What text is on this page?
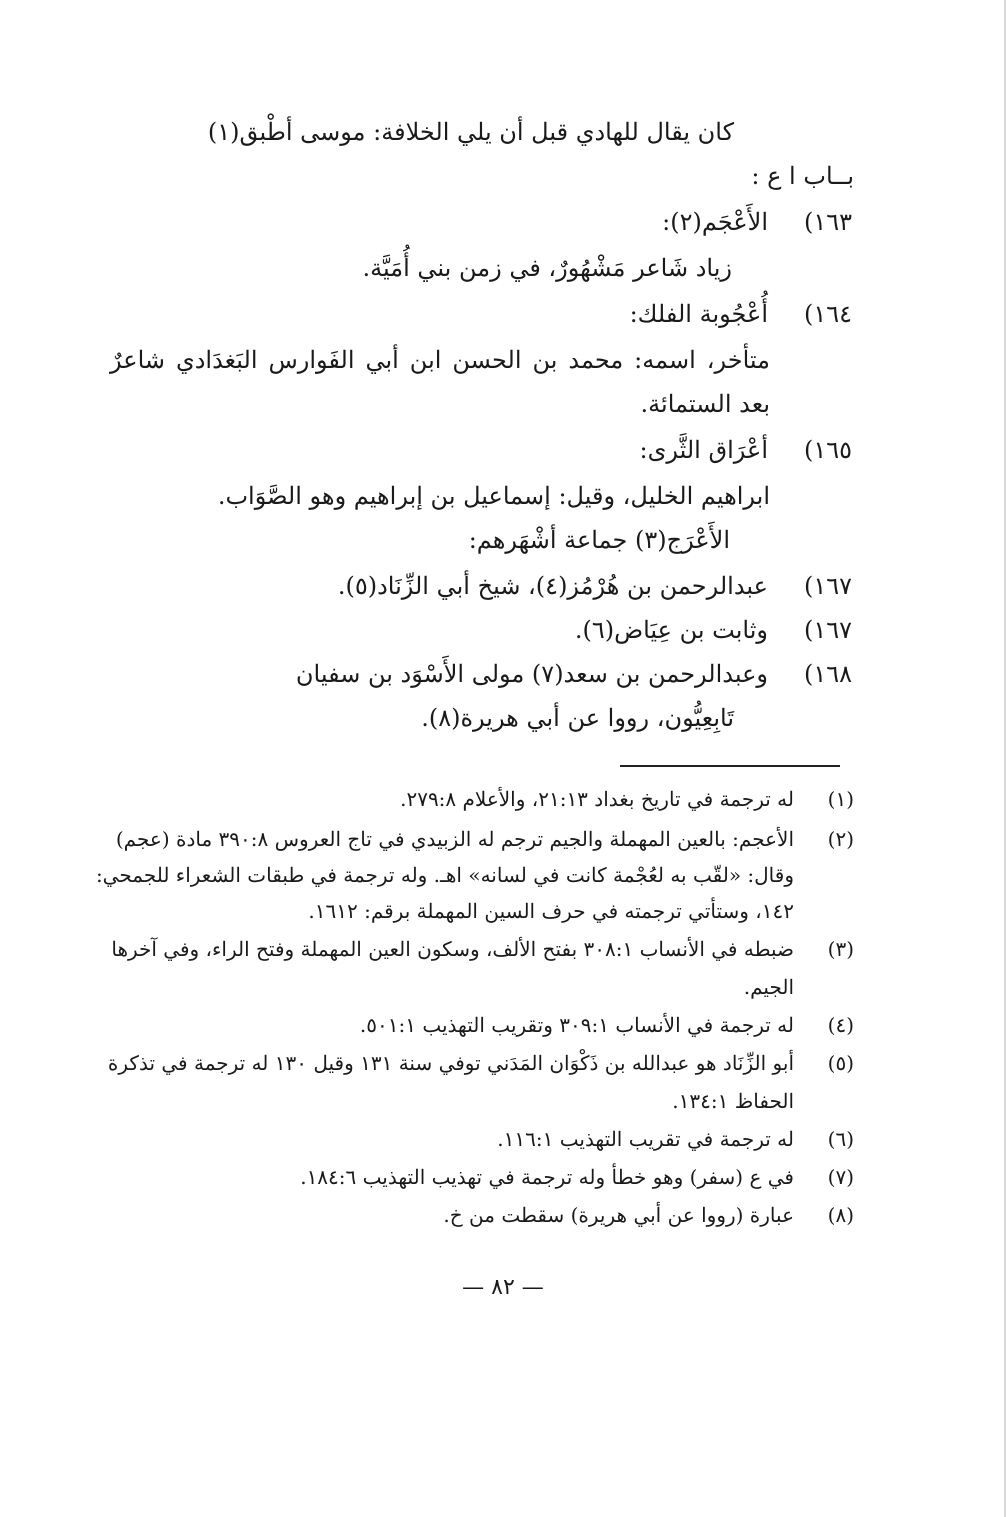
كان يقال للهادي قبل أن يلي الخلافة: موسى أطْبق(١)
بــاب ا ع :
١٦٣)الأَعْجَم(٢):
زياد شَاعر مَشْهُورٌ، في زمن بني أُمَيَّة.
١٦٤)أُعْجُوبة الفلك:
متأخر، اسمه: محمد بن الحسن ابن أبي الفَوارس البَغدَادي شاعرٌ
بعد الستمائة.
١٦٥)أعْرَاق الثَّرى:
ابراهيم الخليل، وقيل: إسماعيل بن إبراهيم وهو الصَّوَاب.
الأَعْرَج(٣) جماعة أشْهَرهم:
١٦٧)عبدالرحمن بن هُرْمُز(٤)، شيخ أبي الزِّنَاد(٥).
١٦٧)وثابت بن عِيَاض(٦).
١٦٨)وعبدالرحمن بن سعد(٧) مولى الأَسْوَد بن سفيان
تَابِعِيُّون، رووا عن أبي هريرة(٨).
(١)له ترجمة في تاريخ بغداد ٢١:١٣، والأعلام ٢٧٩:٨.
(٢)الأعجم: بالعين المهملة والجيم ترجم له الزبيدي في تاج العروس ٣٩٠:٨ مادة (عجم)
وقال: «لقّب به لعُجْمة كانت في لسانه» اهـ. وله ترجمة في طبقات الشعراء للجمحي:
١٤٢، وستأتي ترجمته في حرف السين المهملة برقم: ١٦١٢.
(٣)ضبطه في الأنساب ٣٠٨:١ بفتح الألف، وسكون العين المهملة وفتح الراء، وفي آخرها
الجيم.
(٤)له ترجمة في الأنساب ٣٠٩:١ وتقريب التهذيب ٥٠١:١.
(٥)أبو الزِّنَاد هو عبدالله بن ذَكْوَان المَدَني توفي سنة ١٣١ وقيل ١٣٠ له ترجمة في تذكرة
الحفاظ ١٣٤:١.
(٦)له ترجمة في تقريب التهذيب ١١٦:١.
(٧)في ع (سفر) وهو خطأ وله ترجمة في تهذيب التهذيب ١٨٤:٦.
(٨)عبارة (رووا عن أبي هريرة) سقطت من خ.
— ٨٢ —
